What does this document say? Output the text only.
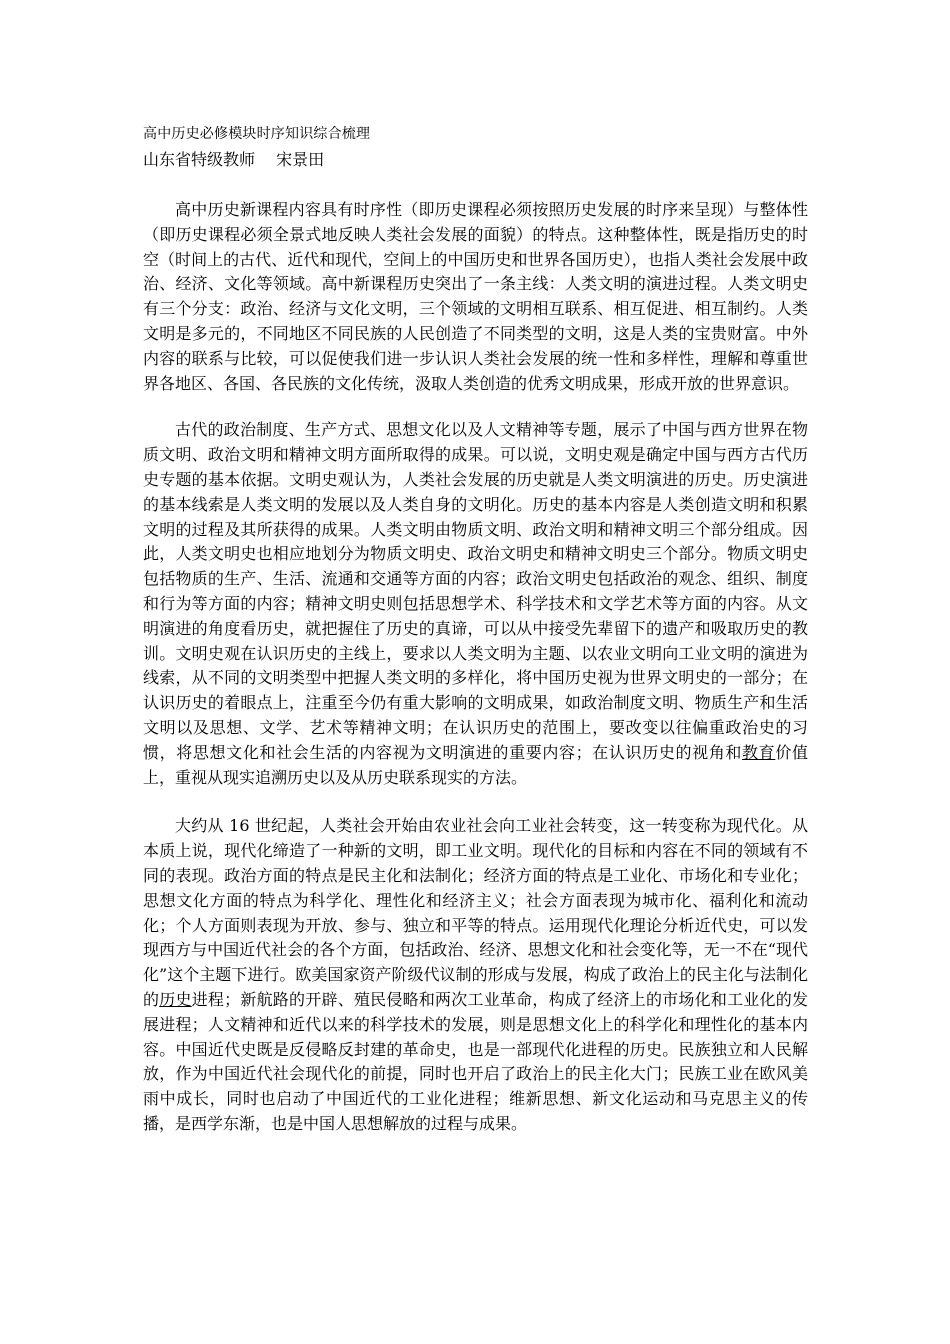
高中历史必修模块时序知识综合梳理
山东省特级教师　 宋景田

高中历史新课程内容具有时序性（即历史课程必须按照历史发展的时序来呈现）与整体性（即历史课程必须全景式地反映人类社会发展的面貌）的特点。这种整体性，既是指历史的时空（时间上的古代、近代和现代，空间上的中国历史和世界各国历史），也指人类社会发展中政治、经济、文化等领域。高中新课程历史突出了一条主线：人类文明的演进过程。人类文明史有三个分支：政治、经济与文化文明，三个领域的文明相互联系、相互促进、相互制约。人类文明是多元的，不同地区不同民族的人民创造了不同类型的文明，这是人类的宝贵财富。中外内容的联系与比较，可以促使我们进一步认识人类社会发展的统一性和多样性，理解和尊重世界各地区、各国、各民族的文化传统，汲取人类创造的优秀文明成果，形成开放的世界意识。

古代的政治制度、生产方式、思想文化以及人文精神等专题，展示了中国与西方世界在物质文明、政治文明和精神文明方面所取得的成果。可以说，文明史观是确定中国与西方古代历史专题的基本依据。文明史观认为，人类社会发展的历史就是人类文明演进的历史。历史演进的基本线索是人类文明的发展以及人类自身的文明化。历史的基本内容是人类创造文明和积累文明的过程及其所获得的成果。人类文明由物质文明、政治文明和精神文明三个部分组成。因此，人类文明史也相应地划分为物质文明史、政治文明史和精神文明史三个部分。物质文明史包括物质的生产、生活、流通和交通等方面的内容；政治文明史包括政治的观念、组织、制度和行为等方面的内容；精神文明史则包括思想学术、科学技术和文学艺术等方面的内容。从文明演进的角度看历史，就把握住了历史的真谛，可以从中接受先辈留下的遗产和吸取历史的教训。文明史观在认识历史的主线上，要求以人类文明为主题、以农业文明向工业文明的演进为线索，从不同的文明类型中把握人类文明的多样化，将中国历史视为世界文明史的一部分；在认识历史的着眼点上，注重至今仍有重大影响的文明成果，如政治制度文明、物质生产和生活文明以及思想、文学、艺术等精神文明；在认识历史的范围上，要改变以往偏重政治史的习惯，将思想文化和社会生活的内容视为文明演进的重要内容；在认识历史的视角和教育价值上，重视从现实追溯历史以及从历史联系现实的方法。

大约从 16 世纪起，人类社会开始由农业社会向工业社会转变，这一转变称为现代化。从本质上说，现代化缔造了一种新的文明，即工业文明。现代化的目标和内容在不同的领域有不同的表现。政治方面的特点是民主化和法制化；经济方面的特点是工业化、市场化和专业化；思想文化方面的特点为科学化、理性化和经济主义；社会方面表现为城市化、福利化和流动化；个人方面则表现为开放、参与、独立和平等的特点。运用现代化理论分析近代史，可以发现西方与中国近代社会的各个方面，包括政治、经济、思想文化和社会变化等，无一不在“现代化”这个主题下进行。欧美国家资产阶级代议制的形成与发展，构成了政治上的民主化与法制化的历史进程；新航路的开辟、殖民侵略和两次工业革命，构成了经济上的市场化和工业化的发展进程；人文精神和近代以来的科学技术的发展，则是思想文化上的科学化和理性化的基本内容。中国近代史既是反侵略反封建的革命史，也是一部现代化进程的历史。民族独立和人民解放，作为中国近代社会现代化的前提，同时也开启了政治上的民主化大门；民族工业在欧风美雨中成长，同时也启动了中国近代的工业化进程；维新思想、新文化运动和马克思主义的传播，是西学东渐，也是中国人思想解放的过程与成果。
